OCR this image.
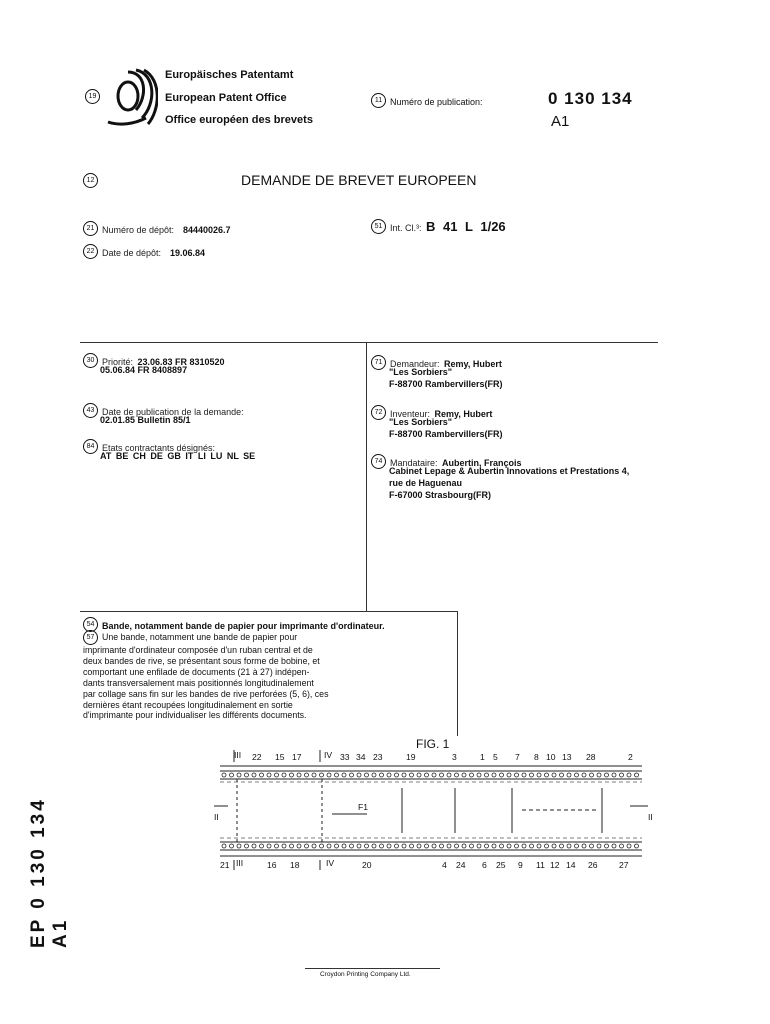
19
Europäisches Patentamt
European Patent Office
Office européen des brevets
11 Numéro de publication:	0 130 134
A1
12	DEMANDE DE BREVET EUROPEEN
21 Numéro de dépôt: 84440026.7
22 Date de dépôt: 19.06.84
51 Int. Cl.³: B 41 L 1/26
30 Priorité: 23.06.83 FR 8310520
05.06.84 FR 8408897
43 Date de publication de la demande:
02.01.85 Bulletin 85/1
84 Etats contractants désignés:
AT BE CH DE GB IT LI LU NL SE
71 Demandeur: Remy, Hubert
"Les Sorbiers"
F-88700 Rambervillers(FR)
72 Inventeur: Remy, Hubert
"Les Sorbiers"
F-88700 Rambervillers(FR)
74 Mandataire: Aubertin, François
Cabinet Lepage & Aubertin Innovations et Prestations 4,
rue de Haguenau
F-67000 Strasbourg(FR)
54 Bande, notamment bande de papier pour imprimante d'ordinateur.
57 Une bande, notamment une bande de papier pour
imprimante d'ordinateur composée d'un ruban central et de
deux bandes de rive, se présentant sous forme de bobine, et
comportant une enfilade de documents (21 à 27) indépen-
dants transversalement mais positionnés longitudinalement
par collage sans fin sur les bandes de rive perforées (5, 6), ces
dernières étant recoupées longitudinalement en sortie
d'imprimante pour individualiser les différents documents.
FIG. 1
III 22 15 17	IV 33 34 23	19	3	1 5 7 8 10 13 28	2
21 III	16 18	IV	20	4 24 6 25 9 11 12 14 26 27
II	II
F1
EP 0 130 134 A1
Croydon Printing Company Ltd.
